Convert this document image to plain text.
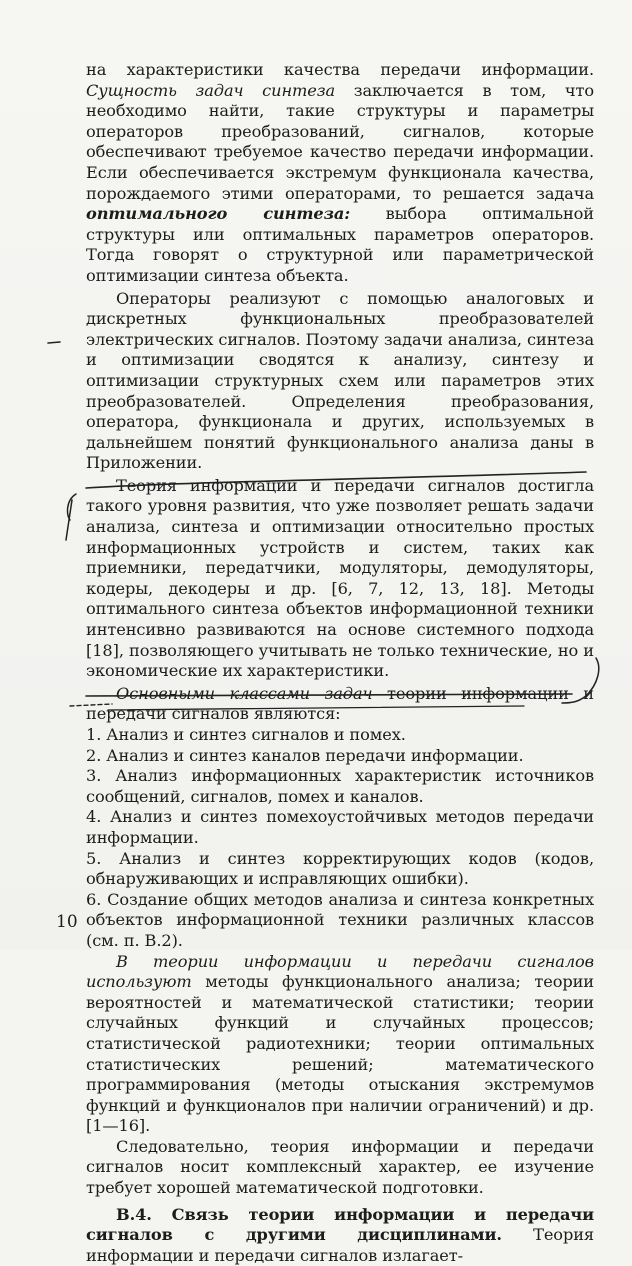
на характеристики качества передачи информации. Сущность задач синтеза заключается в том, что необходимо найти, такие структуры и параметры операторов преобразований, сигналов, которые обеспечивают требуемое качество передачи информации. Если обеспечивается экстремум функционала качества, порождаемого этими операторами, то решается задача оптимального синтеза: выбора оптимальной структуры или оптимальных параметров операторов. Тогда говорят о структурной или параметрической оптимизации синтеза объекта.

Операторы реализуют с помощью аналоговых и дискретных функциональных преобразователей электрических сигналов. Поэтому задачи анализа, синтеза и оптимизации сводятся к анализу, синтезу и оптимизации структурных схем или параметров этих преобразователей. Определения преобразования, оператора, функционала и других, используемых в дальнейшем понятий функционального анализа даны в Приложении.

Теория информации и передачи сигналов достигла такого уровня развития, что уже позволяет решать задачи анализа, синтеза и оптимизации относительно простых информационных устройств и систем, таких как приемники, передатчики, модуляторы, демодуляторы, кодеры, декодеры и др. [6, 7, 12, 13, 18]. Методы оптимального синтеза объектов информационной техники интенсивно развиваются на основе системного подхода [18], позволяющего учитывать не только технические, но и экономические их характеристики.

Основными классами задач теории информации и передачи сигналов являются:

1. Анализ и синтез сигналов и помех.

2. Анализ и синтез каналов передачи информации.

3. Анализ информационных характеристик источников сообщений, сигналов, помех и каналов.

4. Анализ и синтез помехоустойчивых методов передачи информации.

5. Анализ и синтез корректирующих кодов (кодов, обнаруживающих и исправляющих ошибки).

6. Создание общих методов анализа и синтеза конкретных объектов информационной техники различных классов (см. п. В.2).

В теории информации и передачи сигналов используют методы функционального анализа; теории вероятностей и математической статистики; теории случайных функций и случайных процессов; статистической радиотехники; теории оптимальных статистических решений; математического программирования (методы отыскания экстремумов функций и функционалов при наличии ограничений) и др. [1—16].

Следовательно, теория информации и передачи сигналов носит комплексный характер, ее изучение требует хорошей математической подготовки.

В.4. Связь теории информации и передачи сигналов с другими дисциплинами. Теория информации и передачи сигналов излагает-

10
